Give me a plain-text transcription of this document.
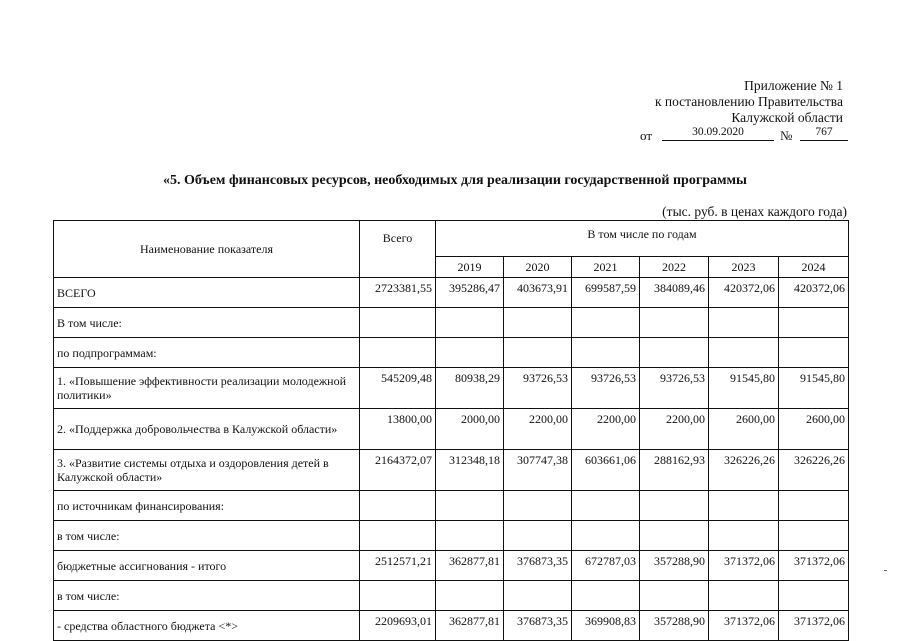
Приложение № 1
к постановлению Правительства
Калужской области
от	30.09.2020	№	767
«5. Объем финансовых ресурсов, необходимых для реализации государственной программы
(тыс. руб. в ценах каждого года)
Наименование показателя	Всего	В том числе по годам					
		2019	2020	2021	2022	2023	2024
ВСЕГО	2723381,55	395286,47	403673,91	699587,59	384089,46	420372,06	420372,06
В том числе:							
по подпрограммам:							
1. «Повышение эффективности реализации молодежной политики»	545209,48	80938,29	93726,53	93726,53	93726,53	91545,80	91545,80
2. «Поддержка добровольчества в Калужской области»	13800,00	2000,00	2200,00	2200,00	2200,00	2600,00	2600,00
3. «Развитие системы отдыха и оздоровления детей в Калужской области»	2164372,07	312348,18	307747,38	603661,06	288162,93	326226,26	326226,26
по источникам финансирования:							
в том числе:							
бюджетные ассигнования - итого	2512571,21	362877,81	376873,35	672787,03	357288,90	371372,06	371372,06
в том числе:							
- средства областного бюджета <*>	2209693,01	362877,81	376873,35	369908,83	357288,90	371372,06	371372,06
